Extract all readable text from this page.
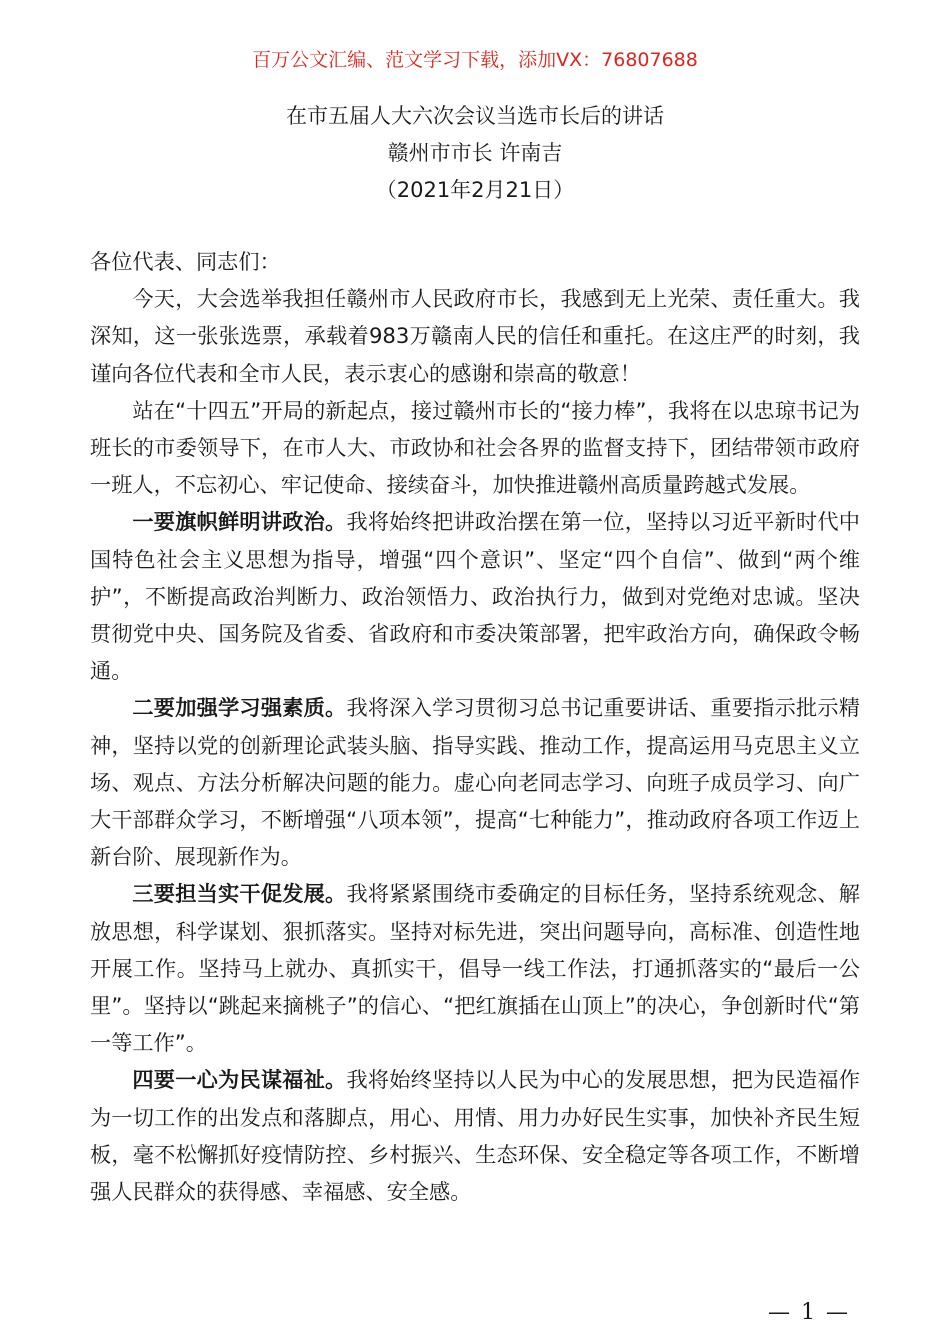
百万公文汇编、范文学习下载，添加VX：76807688
在市五届人大六次会议当选市长后的讲话
赣州市市长 许南吉
（2021年2月21日）

各位代表、同志们：

今天，大会选举我担任赣州市人民政府市长，我感到无上光荣、责任重大。我深知，这一张张选票，承载着983万赣南人民的信任和重托。在这庄严的时刻，我谨向各位代表和全市人民，表示衷心的感谢和崇高的敬意！

站在“十四五”开局的新起点，接过赣州市长的“接力棒”，我将在以忠琼书记为班长的市委领导下，在市人大、市政协和社会各界的监督支持下，团结带领市政府一班人，不忘初心、牢记使命、接续奋斗，加快推进赣州高质量跨越式发展。

一要旗帜鲜明讲政治。我将始终把讲政治摆在第一位，坚持以习近平新时代中国特色社会主义思想为指导，增强“四个意识”、坚定“四个自信”、做到“两个维护”，不断提高政治判断力、政治领悟力、政治执行力，做到对党绝对忠诚。坚决贯彻党中央、国务院及省委、省政府和市委决策部署，把牢政治方向，确保政令畅通。

二要加强学习强素质。我将深入学习贯彻习总书记重要讲话、重要指示批示精神，坚持以党的创新理论武装头脑、指导实践、推动工作，提高运用马克思主义立场、观点、方法分析解决问题的能力。虚心向老同志学习、向班子成员学习、向广大干部群众学习，不断增强“八项本领”，提高“七种能力”，推动政府各项工作迈上新台阶、展现新作为。

三要担当实干促发展。我将紧紧围绕市委确定的目标任务，坚持系统观念、解放思想，科学谋划、狠抓落实。坚持对标先进，突出问题导向，高标准、创造性地开展工作。坚持马上就办、真抓实干，倡导一线工作法，打通抓落实的“最后一公里”。坚持以“跳起来摘桃子”的信心、“把红旗插在山顶上”的决心，争创新时代“第一等工作”。

四要一心为民谋福祉。我将始终坚持以人民为中心的发展思想，把为民造福作为一切工作的出发点和落脚点，用心、用情、用力办好民生实事，加快补齐民生短板，毫不松懈抓好疫情防控、乡村振兴、生态环保、安全稳定等各项工作，不断增强人民群众的获得感、幸福感、安全感。

— 1 —
